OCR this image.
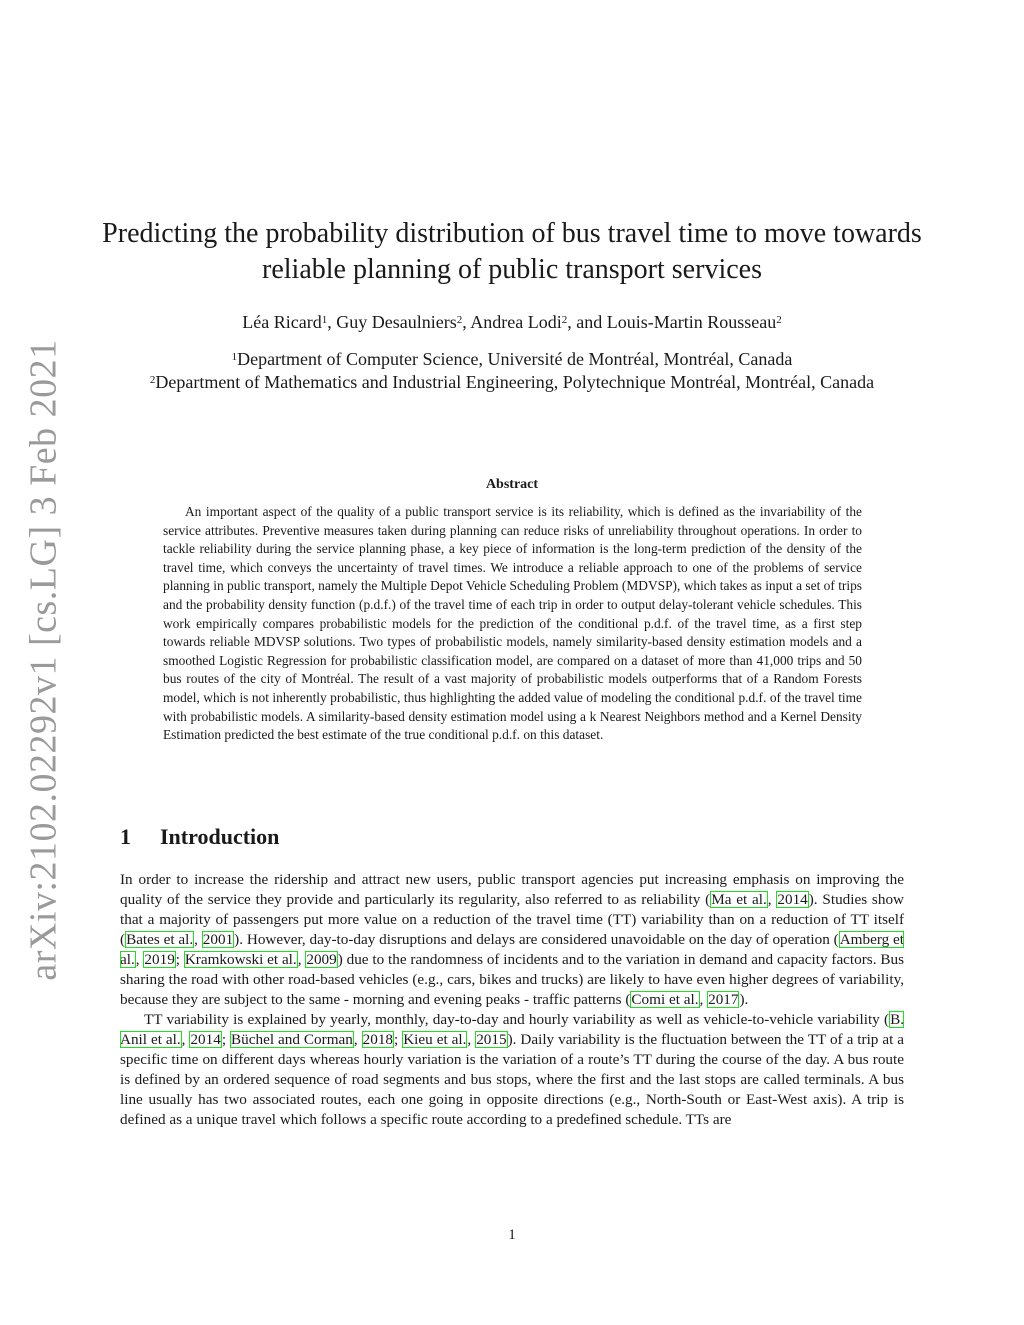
arXiv:2102.02292v1 [cs.LG] 3 Feb 2021
Predicting the probability distribution of bus travel time to move towards reliable planning of public transport services
Léa Ricard$^1$, Guy Desaulniers$^2$, Andrea Lodi$^2$, and Louis-Martin Rousseau$^2$
$^1$Department of Computer Science, Université de Montréal, Montréal, Canada
$^2$Department of Mathematics and Industrial Engineering, Polytechnique Montréal, Montréal, Canada
Abstract
An important aspect of the quality of a public transport service is its reliability, which is defined as the invariability of the service attributes. Preventive measures taken during planning can reduce risks of unreliability throughout operations. In order to tackle reliability during the service planning phase, a key piece of information is the long-term prediction of the density of the travel time, which conveys the uncertainty of travel times. We introduce a reliable approach to one of the problems of service planning in public transport, namely the Multiple Depot Vehicle Scheduling Problem (MDVSP), which takes as input a set of trips and the probability density function (p.d.f.) of the travel time of each trip in order to output delay-tolerant vehicle schedules. This work empirically compares probabilistic models for the prediction of the conditional p.d.f. of the travel time, as a first step towards reliable MDVSP solutions. Two types of probabilistic models, namely similarity-based density estimation models and a smoothed Logistic Regression for probabilistic classification model, are compared on a dataset of more than 41,000 trips and 50 bus routes of the city of Montréal. The result of a vast majority of probabilistic models outperforms that of a Random Forests model, which is not inherently probabilistic, thus highlighting the added value of modeling the conditional p.d.f. of the travel time with probabilistic models. A similarity-based density estimation model using a k Nearest Neighbors method and a Kernel Density Estimation predicted the best estimate of the true conditional p.d.f. on this dataset.
1 Introduction

In order to increase the ridership and attract new users, public transport agencies put increasing emphasis on improving the quality of the service they provide and particularly its regularity, also referred to as reliability (Ma et al., 2014). Studies show that a majority of passengers put more value on a reduction of the travel time (TT) variability than on a reduction of TT itself (Bates et al., 2001). However, day-to-day disruptions and delays are considered unavoidable on the day of operation (Amberg et al., 2019; Kramkowski et al., 2009) due to the randomness of incidents and to the variation in demand and capacity factors. Bus sharing the road with other road-based vehicles (e.g., cars, bikes and trucks) are likely to have even higher degrees of variability, because they are subject to the same - morning and evening peaks - traffic patterns (Comi et al., 2017).

TT variability is explained by yearly, monthly, day-to-day and hourly variability as well as vehicle-to-vehicle variability (B. Anil et al., 2014; Büchel and Corman, 2018; Kieu et al., 2015). Daily variability is the fluctuation between the TT of a trip at a specific time on different days whereas hourly variation is the variation of a route’s TT during the course of the day. A bus route is defined by an ordered sequence of road segments and bus stops, where the first and the last stops are called terminals. A bus line usually has two associated routes, each one going in opposite directions (e.g., North-South or East-West axis). A trip is defined as a unique travel which follows a specific route according to a predefined schedule. TTs are

1
